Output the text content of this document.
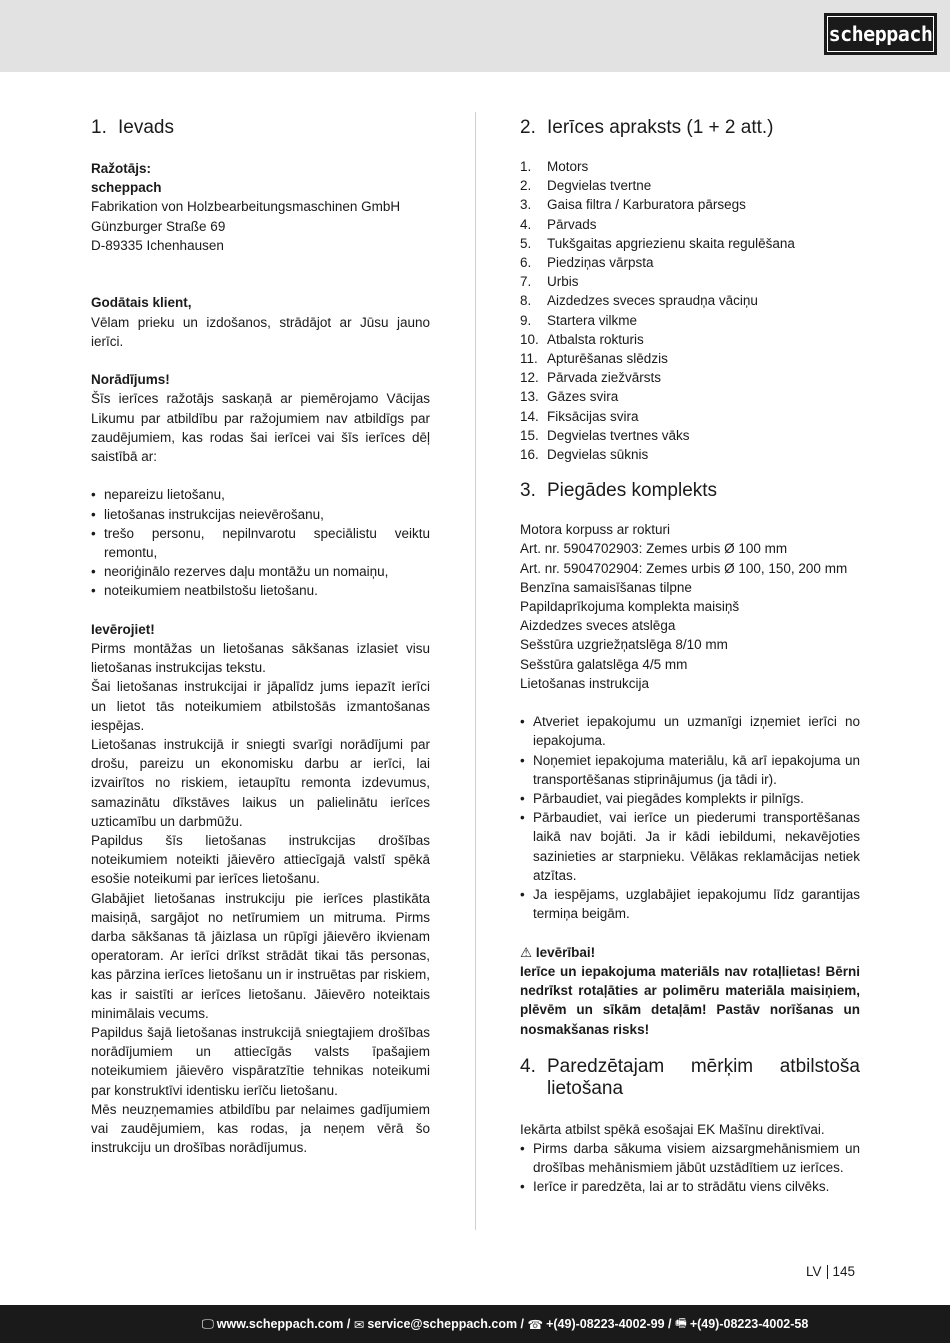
scheppach
1. Ievads
Ražotājs:
scheppach
Fabrikation von Holzbearbeitungsmaschinen GmbH
Günzburger Straße 69
D-89335 Ichenhausen
Godātais klient,
Vēlam prieku un izdošanos, strādājot ar Jūsu jauno ierīci.
Norādījums!
Šīs ierīces ražotājs saskaņā ar piemērojamo Vācijas Likumu par atbildību par ražojumiem nav atbildīgs par zaudējumiem, kas rodas šai ierīcei vai šīs ierīces dēļ saistībā ar:
• nepareizu lietošanu,
• lietošanas instrukcijas neievērošanu,
• trešo personu, nepilnvarotu speciālistu veiktu remontu,
• neoriģinālo rezerves daļu montāžu un nomaiņu,
• noteikumiem neatbilstošu lietošanu.
Ievērojiet!
Pirms montāžas un lietošanas sākšanas izlasiet visu lietošanas instrukcijas tekstu.
Šai lietošanas instrukcijai ir jāpalīdz jums iepazīt ierīci un lietot tās noteikumiem atbilstošās izmantošanas iespējas.
Lietošanas instrukcijā ir sniegti svarīgi norādījumi par drošu, pareizu un ekonomisku darbu ar ierīci, lai izvairītos no riskiem, ietaupītu remonta izdevumus, samazinātu dīkstāves laikus un palielinātu ierīces uzticamību un darbmūžu.
Papildus šīs lietošanas instrukcijas drošības noteikumiem noteikti jāievēro attiecīgajā valstī spēkā esošie noteikumi par ierīces lietošanu.
Glabājiet lietošanas instrukciju pie ierīces plastikāta maisiņā, sargājot no netīrumiem un mitruma. Pirms darba sākšanas tā jāizlasa un rūpīgi jāievēro ikvienam operatoram. Ar ierīci drīkst strādāt tikai tās personas, kas pārzina ierīces lietošanu un ir instruētas par riskiem, kas ir saistīti ar ierīces lietošanu. Jāievēro noteiktais minimālais vecums.
Papildus šajā lietošanas instrukcijā sniegtajiem drošības norādījumiem un attiecīgās valsts īpašajiem noteikumiem jāievēro vispāratzītie tehnikas noteikumi par konstruktīvi identisku ierīču lietošanu.
Mēs neuzņemamies atbildību par nelaimes gadījumiem vai zaudējumiem, kas rodas, ja neņem vērā šo instrukciju un drošības norādījumus.
2. Ierīces apraksts (1 + 2 att.)
1.	Motors
2.	Degvielas tvertne
3.	Gaisa filtra / Karburatora pārsegs
4.	Pārvads
5.	Tukšgaitas apgriezienu skaita regulēšana
6.	Piedziņas vārpsta
7.	Urbis
8.	Aizdedzes sveces spraudņa vāciņu
9.	Startera vilkme
10. Atbalsta rokturis
11. Apturēšanas slēdzis
12. Pārvada ziežvārsts
13. Gāzes svira
14. Fiksācijas svira
15. Degvielas tvertnes vāks
16. Degvielas sūknis
3. Piegādes komplekts
Motora korpuss ar rokturi
Art. nr. 5904702903: Zemes urbis Ø 100 mm
Art. nr. 5904702904: Zemes urbis Ø 100, 150, 200 mm
Benzīna samaisīšanas tilpne
Papildaprīkojuma komplekta maisiņš
Aizdedzes sveces atslēga
Sešstūra uzgriežņatslēga 8/10 mm
Sešstūra galatslēga 4/5 mm
Lietošanas instrukcija
• Atveriet iepakojumu un uzmanīgi izņemiet ierīci no iepakojuma.
• Noņemiet iepakojuma materiālu, kā arī iepakojuma un transportēšanas stiprinājumus (ja tādi ir).
• Pārbaudiet, vai piegādes komplekts ir pilnīgs.
• Pārbaudiet, vai ierīce un piederumi transportēšanas laikā nav bojāti. Ja ir kādi iebildumi, nekavējoties sazinieties ar starpnieku. Vēlākas reklamācijas netiek atzītas.
• Ja iespējams, uzglabājiet iepakojumu līdz garantijas termiņa beigām.
⚠ Ievērībai!
Ierīce un iepakojuma materiāls nav rotaļlietas! Bērni nedrīkst rotaļāties ar polimēru materiāla maisiņiem, plēvēm un sīkām detaļām! Pastāv norīšanas un nosmakšanas risks!
4. Paredzētajam mērķim atbilstoša lietošana
Iekārta atbilst spēkā esošajai EK Mašīnu direktīvai.
• Pirms darba sākuma visiem aizsargmehānismiem un drošības mehānismiem jābūt uzstādītiem uz ierīces.
• Ierīce ir paredzēta, lai ar to strādātu viens cilvēks.
LV 145
🖵 www.scheppach.com / ✉ service@scheppach.com / ☎ +(49)-08223-4002-99 / 🖷 +(49)-08223-4002-58
